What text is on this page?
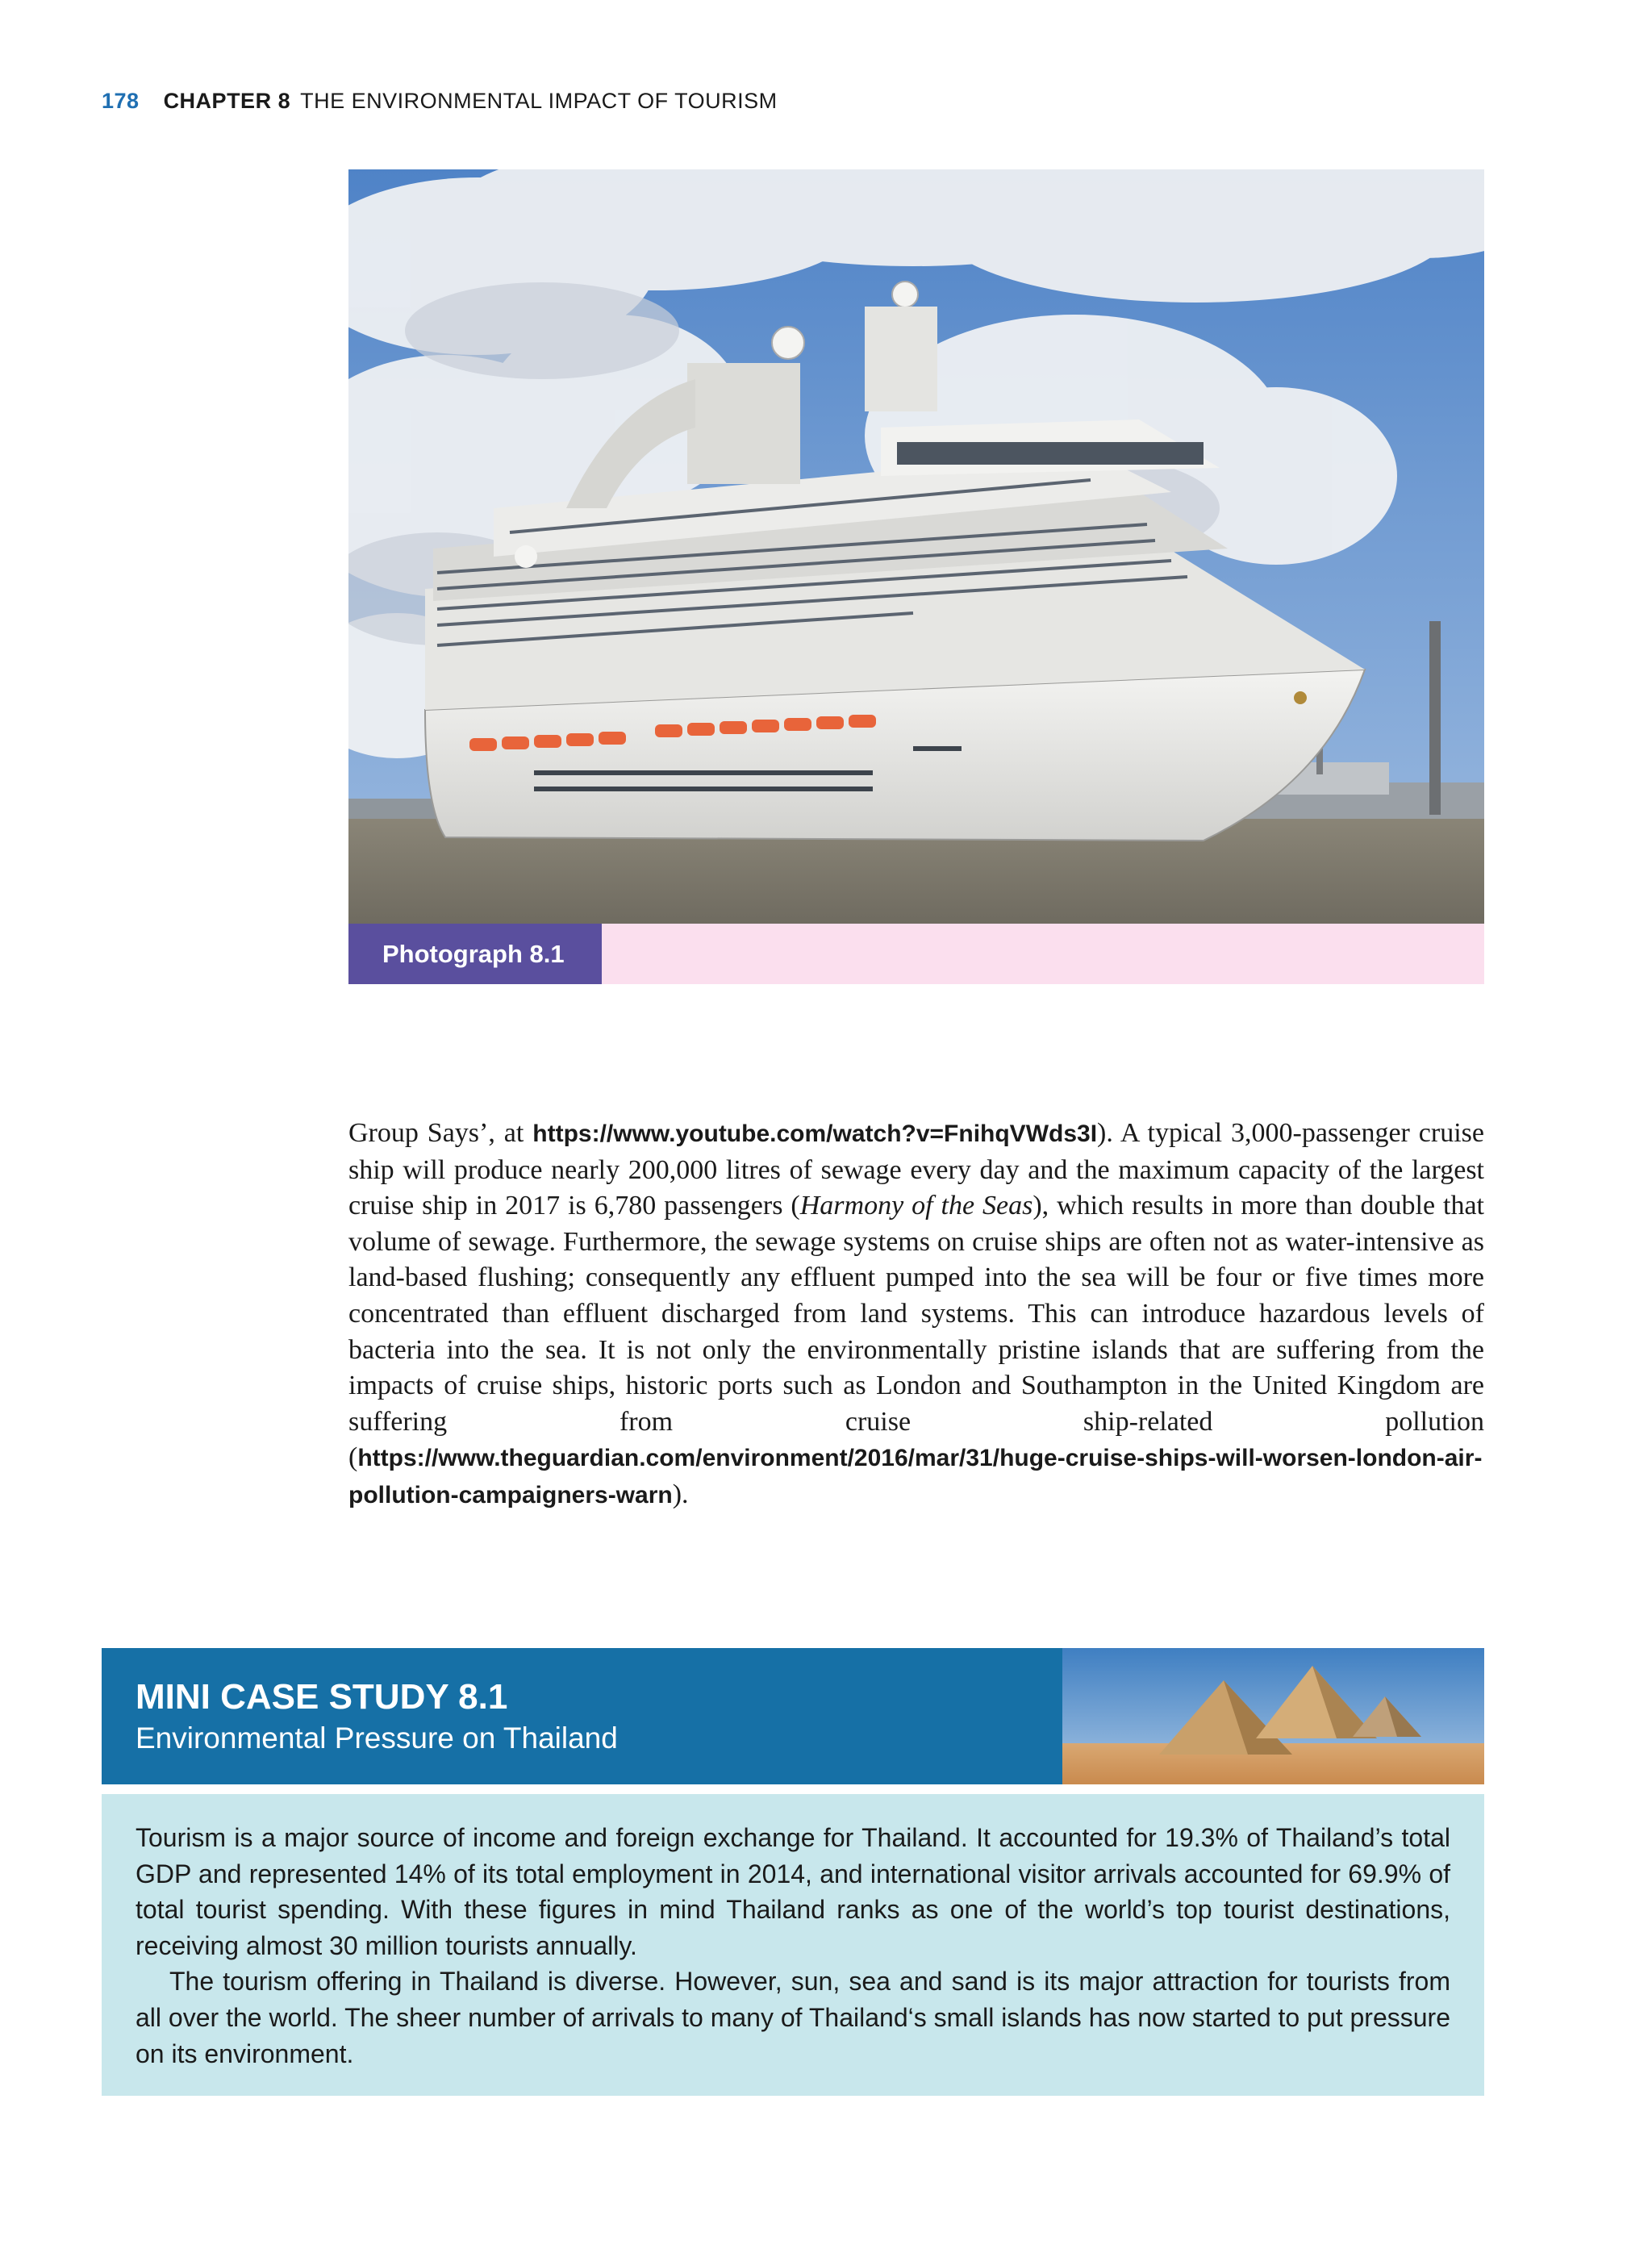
178 CHAPTER 8 THE ENVIRONMENTAL IMPACT OF TOURISM
Photograph 8.1
Group Says’, at https://www.youtube.com/watch?v=FnihqVWds3I). A typical 3,000-passenger cruise ship will produce nearly 200,000 litres of sewage every day and the maximum capacity of the largest cruise ship in 2017 is 6,780 passengers (Harmony of the Seas), which results in more than double that volume of sewage. Furthermore, the sewage systems on cruise ships are often not as water-intensive as land-based flushing; consequently any effluent pumped into the sea will be four or five times more concentrated than effluent discharged from land systems. This can introduce hazardous levels of bacteria into the sea. It is not only the environmentally pristine islands that are suffering from the impacts of cruise ships, historic ports such as London and Southampton in the United Kingdom are suffering from cruise ship-related pollution (https://www.theguardian.com/environment/2016/mar/31/huge-cruise-ships-will-worsen-london-air-pollution-campaigners-warn).
MINI CASE STUDY 8.1
Environmental Pressure on Thailand

Tourism is a major source of income and foreign exchange for Thailand. It accounted for 19.3% of Thailand’s total GDP and represented 14% of its total employment in 2014, and international visitor arrivals accounted for 69.9% of total tourist spending. With these figures in mind Thailand ranks as one of the world’s top tourist destinations, receiving almost 30 million tourists annually.

The tourism offering in Thailand is diverse. However, sun, sea and sand is its major attraction for tourists from all over the world. The sheer number of arrivals to many of Thailand‘s small islands has now started to put pressure on its environment.
